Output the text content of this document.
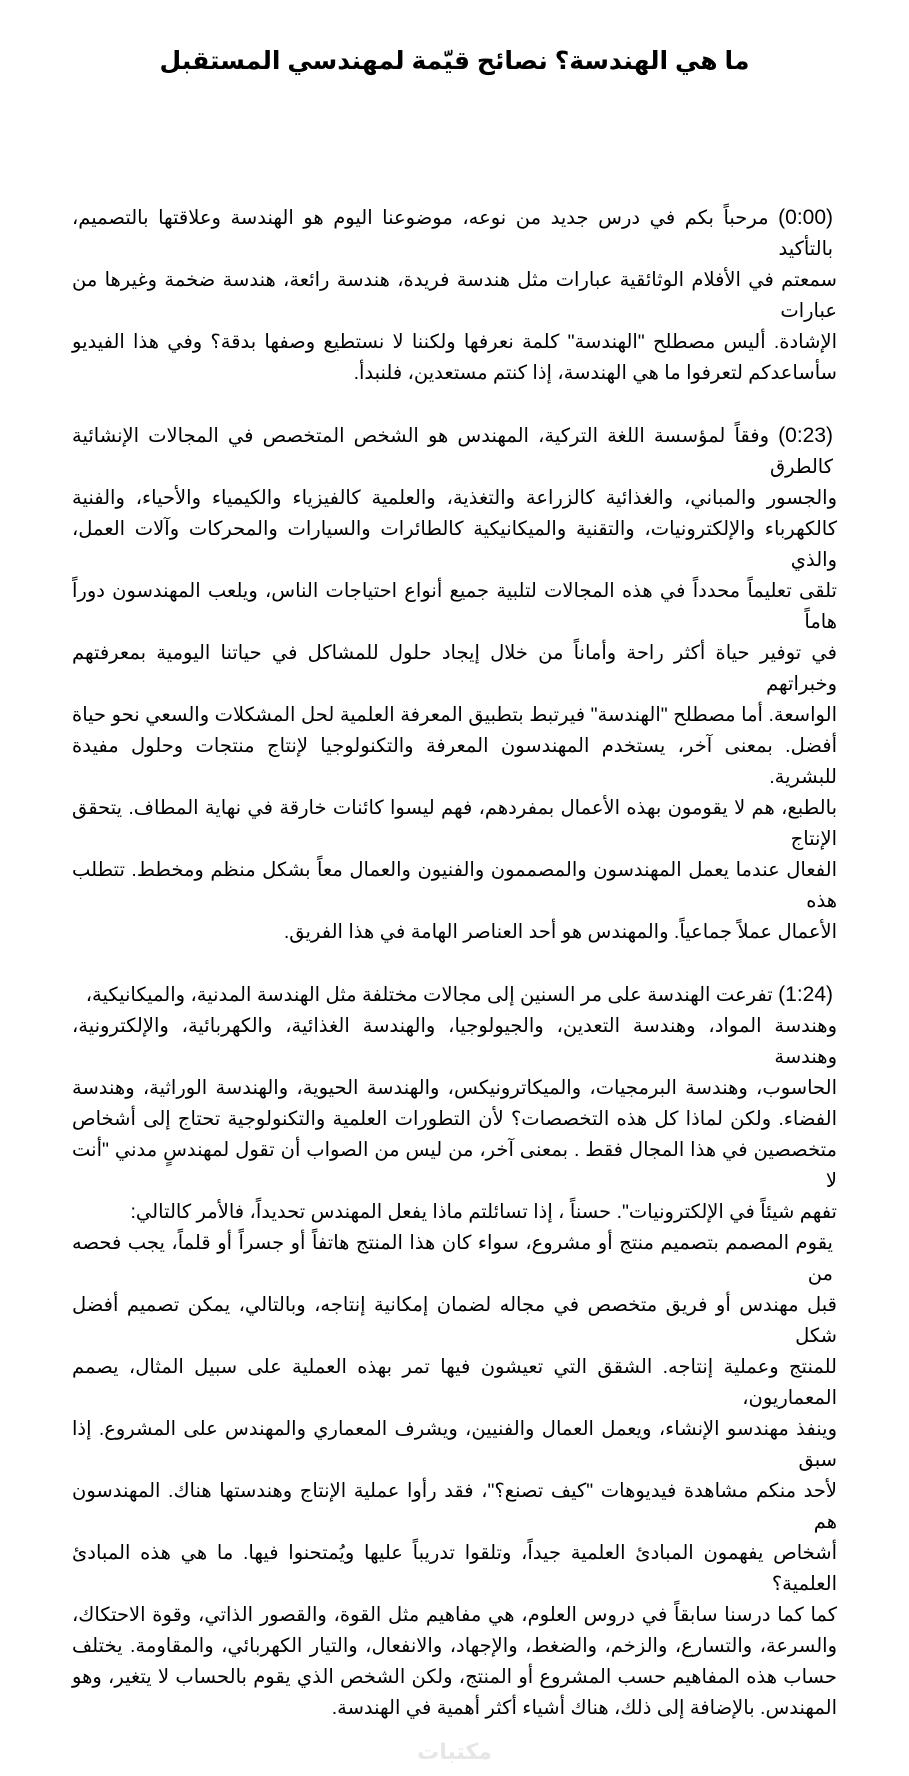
ما هي الهندسة؟ نصائح قيّمة لمهندسي المستقبل
(0:00) مرحباً بكم في درس جديد من نوعه، موضوعنا اليوم هو الهندسة وعلاقتها بالتصميم، بالتأكيد
سمعتم في الأفلام الوثائقية عبارات مثل هندسة فريدة، هندسة رائعة، هندسة ضخمة وغيرها من عبارات
الإشادة. أليس مصطلح "الهندسة" كلمة نعرفها ولكننا لا نستطيع وصفها بدقة؟ وفي هذا الفيديو
سأساعدكم لتعرفوا ما هي الهندسة، إذا كنتم مستعدين، فلنبدأ.
(0:23) وفقاً لمؤسسة اللغة التركية، المهندس هو الشخص المتخصص في المجالات الإنشائية كالطرق
والجسور والمباني، والغذائية كالزراعة والتغذية، والعلمية كالفيزياء والكيمياء والأحياء، والفنية
كالكهرباء والإلكترونيات، والتقنية والميكانيكية كالطائرات والسيارات والمحركات وآلات العمل، والذي
تلقى تعليماً محدداً في هذه المجالات لتلبية جميع أنواع احتياجات الناس، ويلعب المهندسون دوراً هاماً
في توفير حياة أكثر راحة وأماناً من خلال إيجاد حلول للمشاكل في حياتنا اليومية بمعرفتهم وخبراتهم
الواسعة. أما مصطلح "الهندسة" فيرتبط بتطبيق المعرفة العلمية لحل المشكلات والسعي نحو حياة
أفضل. بمعنى آخر، يستخدم المهندسون المعرفة والتكنولوجيا لإنتاج منتجات وحلول مفيدة للبشرية.
بالطبع، هم لا يقومون بهذه الأعمال بمفردهم، فهم ليسوا كائنات خارقة في نهاية المطاف. يتحقق الإنتاج
الفعال عندما يعمل المهندسون والمصممون والفنيون والعمال معاً بشكل منظم ومخطط. تتطلب هذه
الأعمال عملاً جماعياً. والمهندس هو أحد العناصر الهامة في هذا الفريق.
(1:24) تفرعت الهندسة على مر السنين إلى مجالات مختلفة مثل الهندسة المدنية، والميكانيكية،
وهندسة المواد، وهندسة التعدين، والجيولوجيا، والهندسة الغذائية، والكهربائية، والإلكترونية، وهندسة
الحاسوب، وهندسة البرمجيات، والميكاترونيكس، والهندسة الحيوية، والهندسة الوراثية، وهندسة
الفضاء. ولكن لماذا كل هذه التخصصات؟ لأن التطورات العلمية والتكنولوجية تحتاج إلى أشخاص
متخصصين في هذا المجال فقط . بمعنى آخر، من ليس من الصواب أن تقول لمهندسٍ مدني "أنت لا
تفهم شيئاً في الإلكترونيات". حسناً ، إذا تسائلتم ماذا يفعل المهندس تحديداً، فالأمر كالتالي:
يقوم المصمم بتصميم منتج أو مشروع، سواء كان هذا المنتج هاتفاً أو جسراً أو قلماً، يجب فحصه من
قبل مهندس أو فريق متخصص في مجاله لضمان إمكانية إنتاجه، وبالتالي، يمكن تصميم أفضل شكل
للمنتج وعملية إنتاجه. الشقق التي تعيشون فيها تمر بهذه العملية على سبيل المثال، يصمم المعماريون،
وينفذ مهندسو الإنشاء، ويعمل العمال والفنيين، ويشرف المعماري والمهندس على المشروع. إذا سبق
لأحد منكم مشاهدة فيديوهات "كيف تصنع؟"، فقد رأوا عملية الإنتاج وهندستها هناك. المهندسون هم
أشخاص يفهمون المبادئ العلمية جيداً، وتلقوا تدريباً عليها ويُمتحنوا فيها. ما هي هذه المبادئ العلمية؟
كما كما درسنا سابقاً في دروس العلوم، هي مفاهيم مثل القوة، والقصور الذاتي، وقوة الاحتكاك،
والسرعة، والتسارع، والزخم، والضغط، والإجهاد، والانفعال، والتيار الكهربائي، والمقاومة. يختلف
حساب هذه المفاهيم حسب المشروع أو المنتج، ولكن الشخص الذي يقوم بالحساب لا يتغير، وهو
المهندس. بالإضافة إلى ذلك، هناك أشياء أكثر أهمية في الهندسة.
مكتبات
